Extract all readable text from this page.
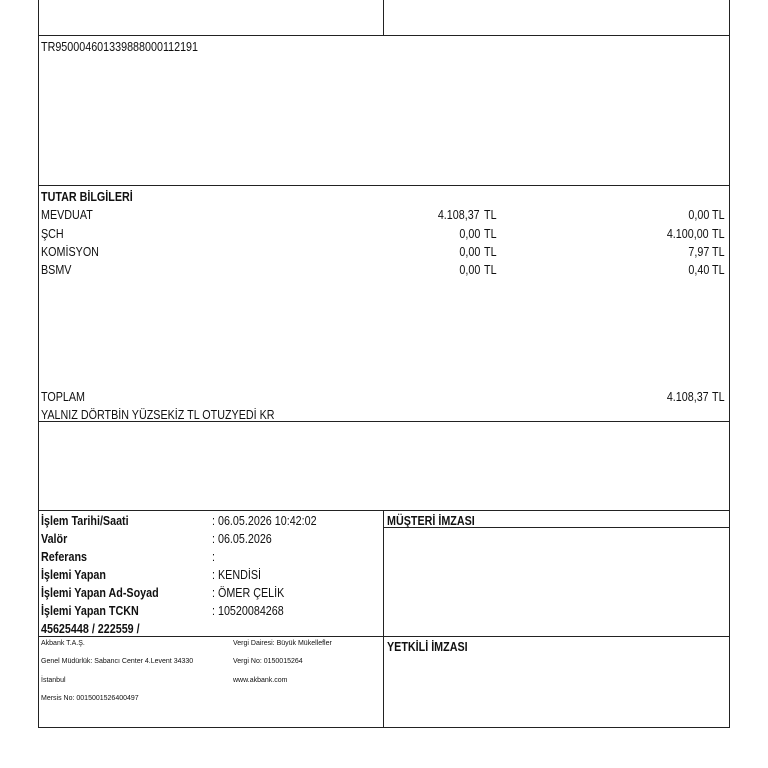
TR950004601339888000112191
TUTAR BİLGİLERİ
MEVDUAT	4.108,37 TL	0,00 TL
ŞCH	0,00 TL	4.100,00 TL
KOMİSYON	0,00 TL	7,97 TL
BSMV	0,00 TL	0,40 TL
TOPLAM	4.108,37 TL
YALNIZ DÖRTBİN YÜZSEKİZ TL OTUZYEDİ KR
İşlem Tarihi/Saati	: 06.05.2026 10:42:02
Valör	: 06.05.2026
Referans	:
İşlemi Yapan	: KENDİSİ
İşlemi Yapan Ad-Soyad	: ÖMER ÇELİK
İşlemi Yapan TCKN	: 10520084268
45625448 / 222559 /
MÜŞTERİ İMZASI
YETKİLİ İMZASI
Akbank T.A.Ş.
Genel Müdürlük: Sabancı Center 4.Levent 34330
İstanbul
Mersis No: 0015001526400497
Vergi Dairesi: Büyük Mükellefler
Vergi No: 0150015264
www.akbank.com
